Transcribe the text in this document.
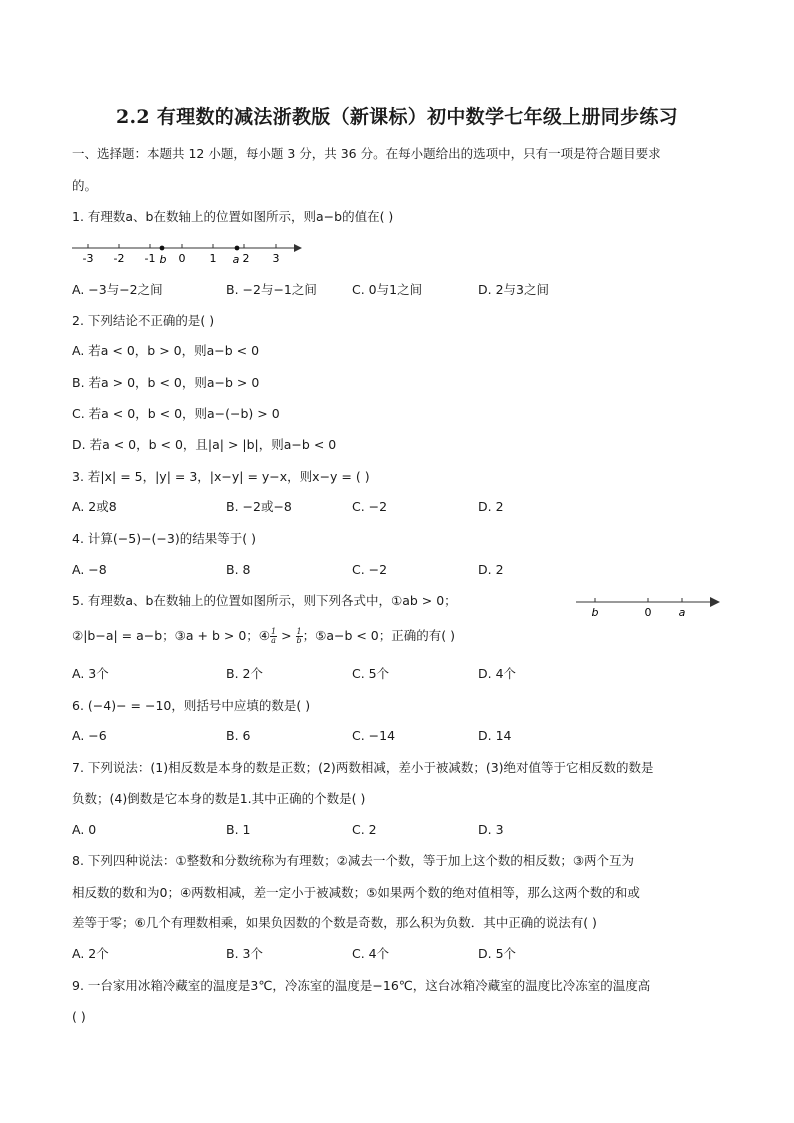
2.2 有理数的减法浙教版（新课标）初中数学七年级上册同步练习
一、选择题：本题共 12 小题，每小题 3 分，共 36 分。在每小题给出的选项中，只有一项是符合题目要求
的。
1. 有理数a、b在数轴上的位置如图所示，则a−b的值在( )
-3 -2 -1 0 1 2 3
b	a
A. −3与−2之间	B. −2与−1之间	C. 0与1之间	D. 2与3之间
2. 下列结论不正确的是( )
A. 若a < 0，b > 0，则a−b < 0
B. 若a > 0，b < 0，则a−b > 0
C. 若a < 0，b < 0，则a−(−b) > 0
D. 若a < 0，b < 0，且|a| > |b|，则a−b < 0
3. 若|x| = 5，|y| = 3，|x−y| = y−x，则x−y = ( )
A. 2或8	B. −2或−8	C. −2	D. 2
4. 计算(−5)−(−3)的结果等于( )
A. −8	B. 8	C. −2	D. 2
5. 有理数a、b在数轴上的位置如图所示，则下列各式中，①ab > 0；
b	0 a
②|b−a| = a−b；③a + b > 0；④ $\frac{1}{a} > \frac{1}{b}$ ；⑤a−b < 0；正确的有( )
A. 3个	B. 2个	C. 5个	D. 4个
6. (−4)− = −10，则括号中应填的数是( )
A. −6	B. 6	C. −14	D. 14
7. 下列说法：(1)相反数是本身的数是正数；(2)两数相减，差小于被减数；(3)绝对值等于它相反数的数是
负数；(4)倒数是它本身的数是1.其中正确的个数是( )
A. 0	B. 1	C. 2	D. 3
8. 下列四种说法：①整数和分数统称为有理数；②减去一个数，等于加上这个数的相反数；③两个互为
相反数的数和为0；④两数相减，差一定小于被减数；⑤如果两个数的绝对值相等，那么这两个数的和或
差等于零；⑥几个有理数相乘，如果负因数的个数是奇数，那么积为负数．其中正确的说法有( )
A. 2个	B. 3个	C. 4个	D. 5个
9. 一台家用冰箱冷藏室的温度是3℃，冷冻室的温度是−16℃，这台冰箱冷藏室的温度比冷冻室的温度高
( )
